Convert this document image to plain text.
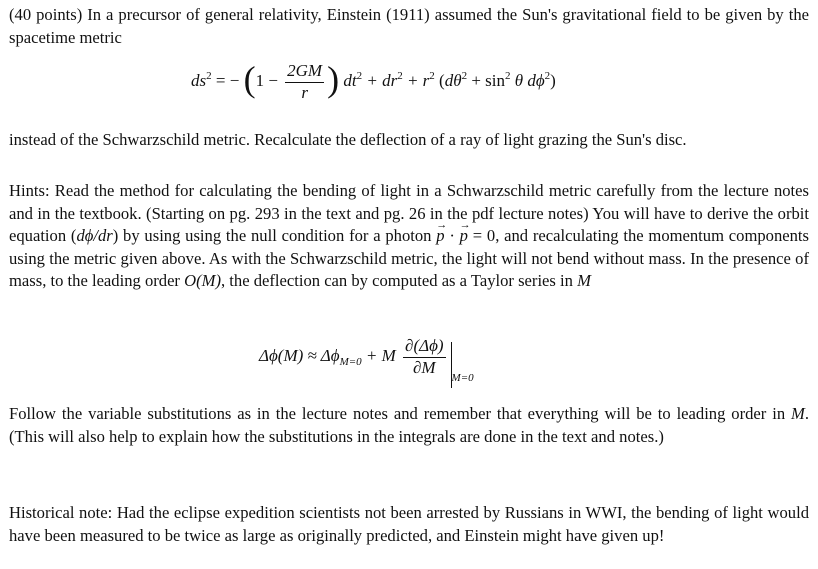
(40 points) In a precursor of general relativity, Einstein (1911) assumed the Sun's gravitational field to be given by the spacetime metric

$ds^2$ = − ($1 - \frac{2GM}{r}$ ) $dt^2 + dr^2 + r^2$ ($d\theta^2 + \sin^2 \theta$ $d\phi^2$)

instead of the Schwarzschild metric. Recalculate the deflection of a ray of light grazing the Sun's disc.

Hints: Read the method for calculating the bending of light in a Schwarzschild metric carefully from the lecture notes and in the textbook. (Starting on pg. 293 in the text and pg. 26 in the pdf lecture notes) You will have to derive the orbit equation (dϕ/dr) by using using the null condition for a photon → p · → p = 0, and recalculating the momentum components using the metric given above. As with the Schwarzschild metric, the light will not bend without mass. In the presence of mass, to the leading order O(M), the deflection can by computed as a Taylor series in M

$\Delta\phi(M) \approx \Delta\phi_{M=0} + M \frac{\partial(\Delta\phi)}{\partial M} _{M=0}$

Follow the variable substitutions as in the lecture notes and remember that everything will be to leading order in M. (This will also help to explain how the substitutions in the integrals are done in the text and notes.)

Historical note: Had the eclipse expedition scientists not been arrested by Russians in WWI, the bending of light would have been measured to be twice as large as originally predicted, and Einstein might have given up!
